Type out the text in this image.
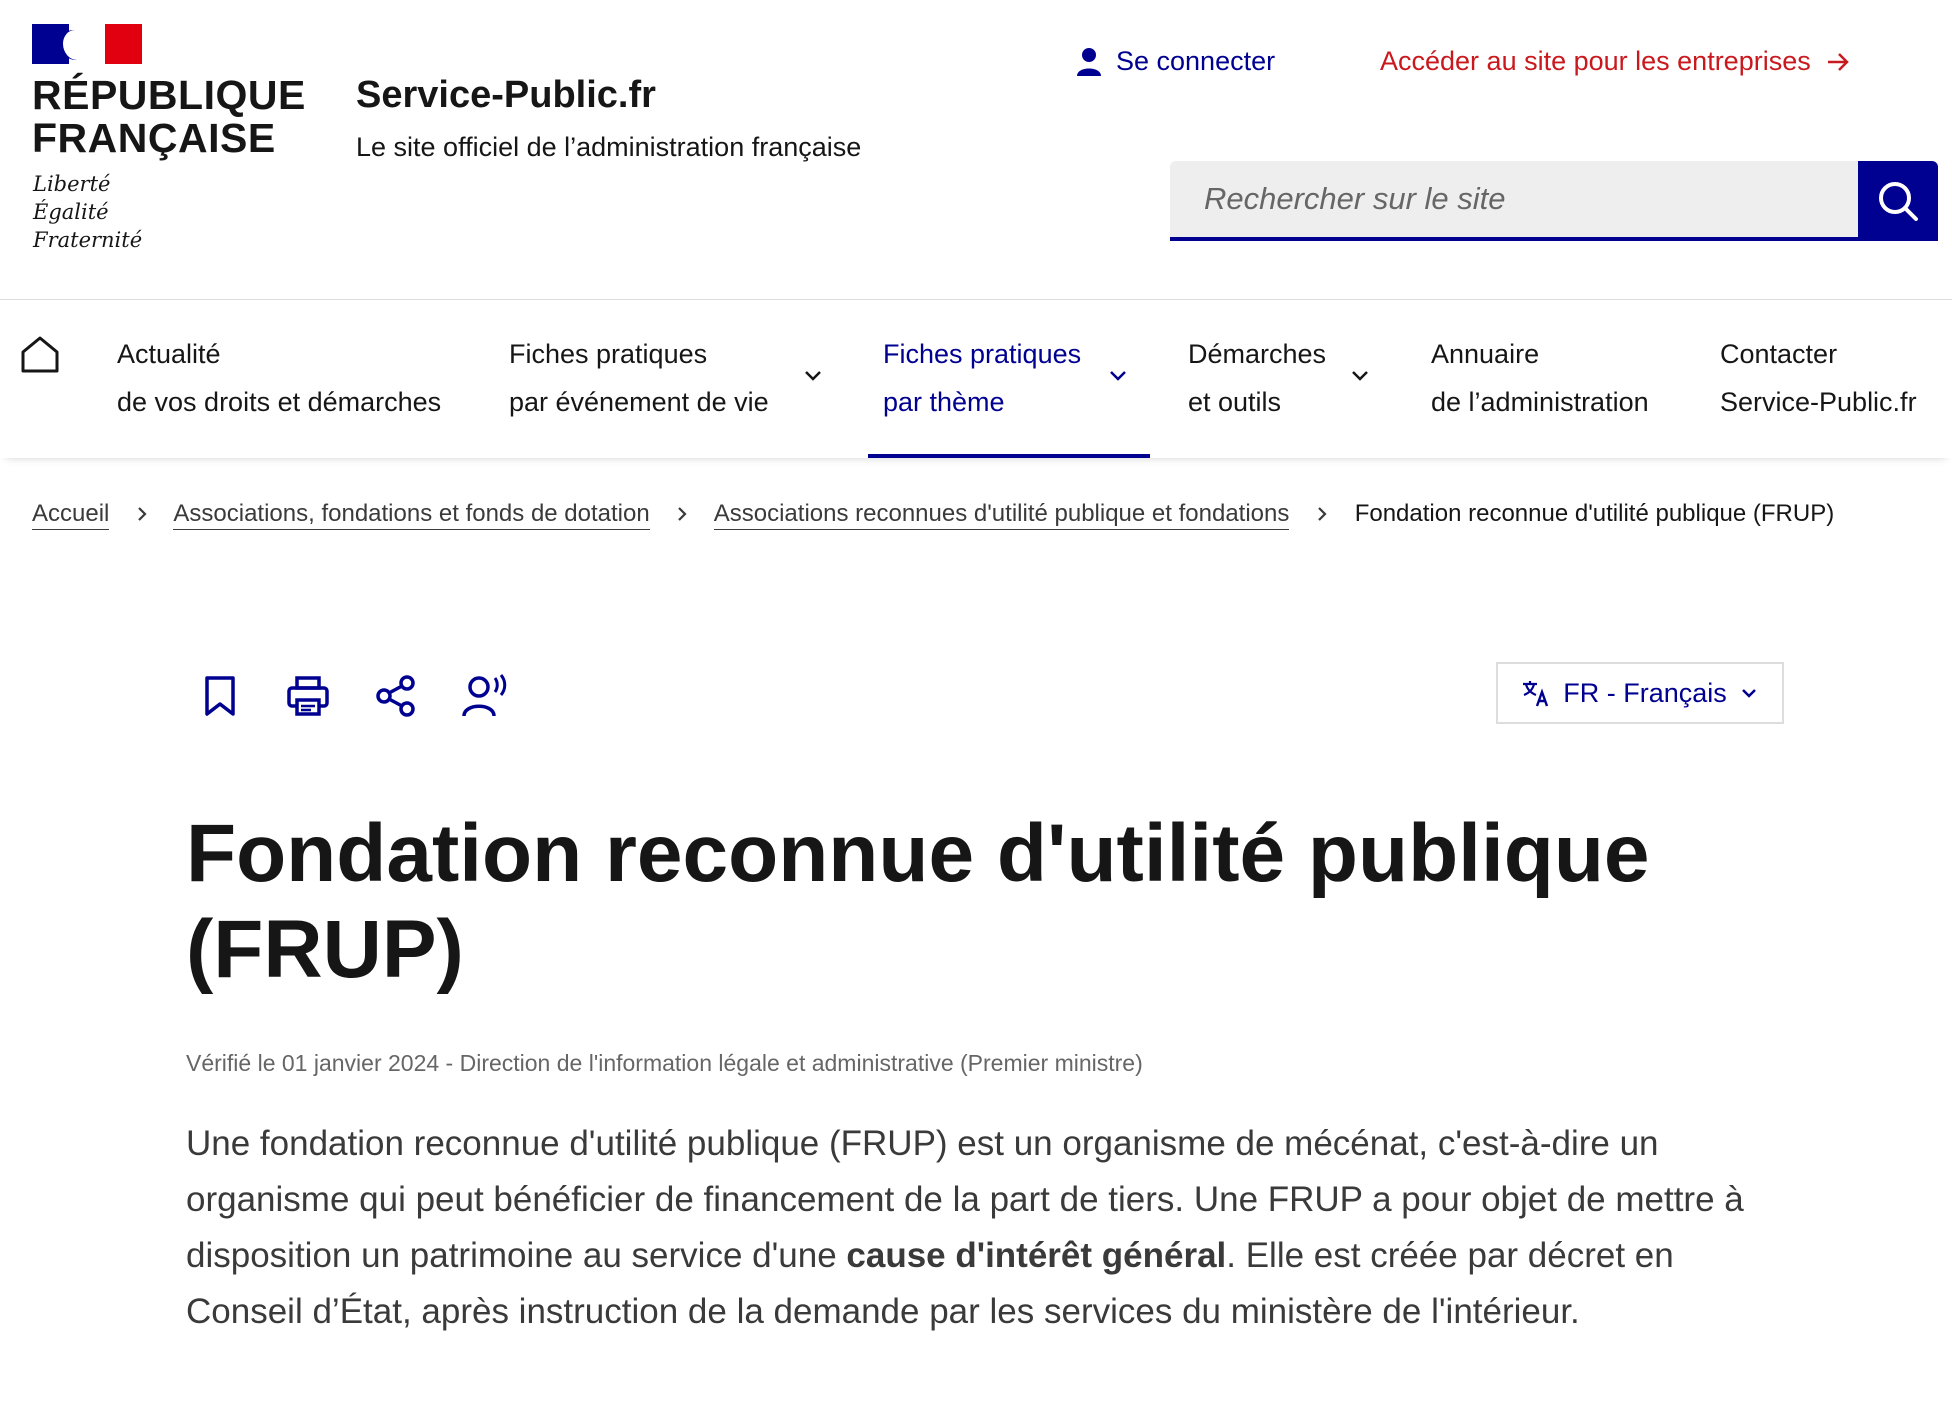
RÉPUBLIQUE
FRANÇAISE
Liberté
Égalité
Fraternité
Service-Public.fr
Le site officiel de l’administration française
Se connecter	Accéder au site pour les entreprises
Rechercher sur le site
Actualité
de vos droits et démarches
Fiches pratiques
par événement de vie
Fiches pratiques
par thème
Démarches
et outils
Annuaire
de l’administration
Contacter
Service-Public.fr
Accueil	Associations, fondations et fonds de dotation	Associations reconnues d'utilité publique et fondations	Fondation reconnue d'utilité publique (FRUP)
FR - Français
Fondation reconnue d'utilité publique (FRUP)
Vérifié le 01 janvier 2024 - Direction de l'information légale et administrative (Premier ministre)

Une fondation reconnue d'utilité publique (FRUP) est un organisme de mécénat, c'est-à-dire un organisme qui peut bénéficier de financement de la part de tiers. Une FRUP a pour objet de mettre à disposition un patrimoine au service d'une cause d'intérêt général. Elle est créée par décret en Conseil d’État, après instruction de la demande par les services du ministère de l'intérieur.
